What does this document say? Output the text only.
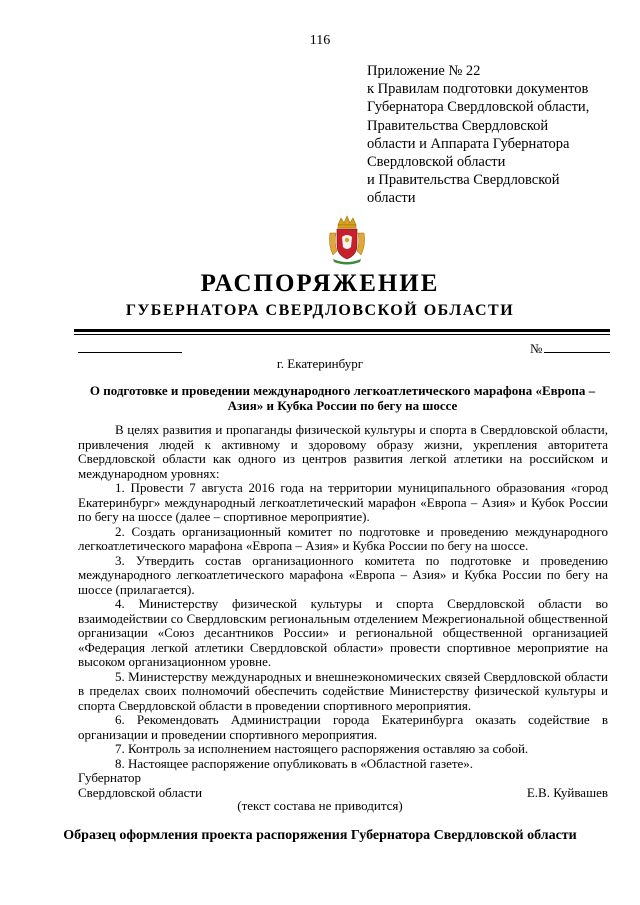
116
Приложение № 22
к Правилам подготовки документов
Губернатора Свердловской области,
Правительства Свердловской
области и Аппарата Губернатора
Свердловской области
и Правительства Свердловской
области
РАСПОРЯЖЕНИЕ
ГУБЕРНАТОРА СВЕРДЛОВСКОЙ ОБЛАСТИ
№
г. Екатеринбург
О подготовке и проведении международного легкоатлетического марафона «Европа – Азия» и Кубка России по бегу на шоссе

В целях развития и пропаганды физической культуры и спорта в Свердловской области, привлечения людей к активному и здоровому образу жизни, укрепления авторитета Свердловской области как одного из центров развития легкой атлетики на российском и международном уровнях:

1. Провести 7 августа 2016 года на территории муниципального образования «город Екатеринбург» международный легкоатлетический марафон «Европа – Азия» и Кубок России по бегу на шоссе (далее – спортивное мероприятие).

2. Создать организационный комитет по подготовке и проведению международного легкоатлетического марафона «Европа – Азия» и Кубка России по бегу на шоссе.

3. Утвердить состав организационного комитета по подготовке и проведению международного легкоатлетического марафона «Европа – Азия» и Кубка России по бегу на шоссе (прилагается).

4. Министерству физической культуры и спорта Свердловской области во взаимодействии со Свердловским региональным отделением Межрегиональной общественной организации «Союз десантников России» и региональной общественной организацией «Федерация легкой атлетики Свердловской области» провести спортивное мероприятие на высоком организационном уровне.

5. Министерству международных и внешнеэкономических связей Свердловской области в пределах своих полномочий обеспечить содействие Министерству физической культуры и спорта Свердловской области в проведении спортивного мероприятия.

6. Рекомендовать Администрации города Екатеринбурга оказать содействие в организации и проведении спортивного мероприятия.

7. Контроль за исполнением настоящего распоряжения оставляю за собой.

8. Настоящее распоряжение опубликовать в «Областной газете».

Губернатор
Свердловской области	Е.В. Куйвашев
(текст состава не приводится)
Образец оформления проекта распоряжения Губернатора Свердловской области
